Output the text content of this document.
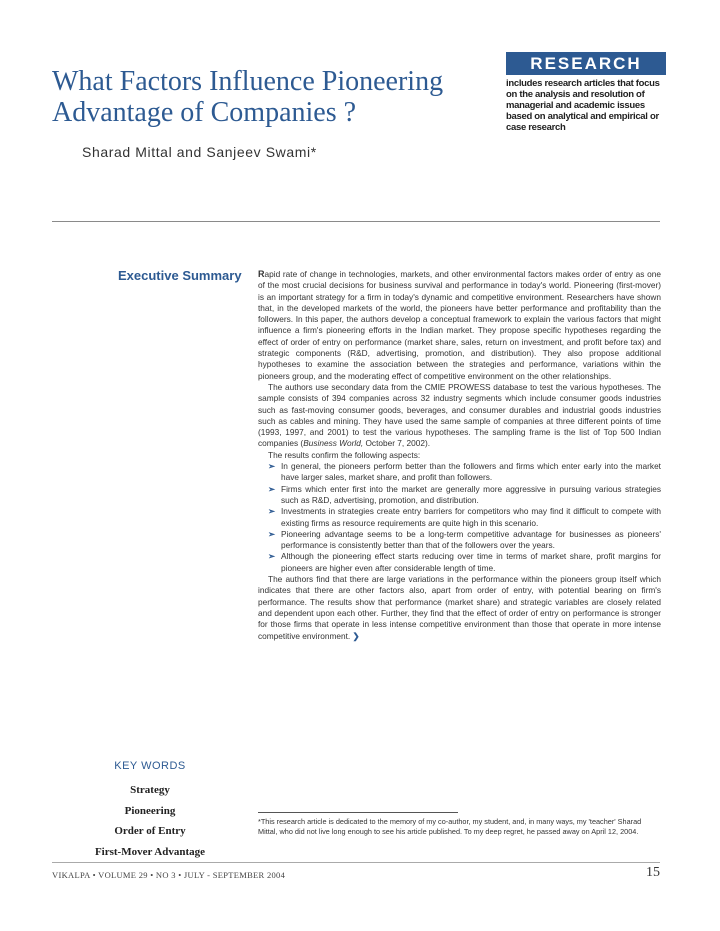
What Factors Influence Pioneering Advantage of Companies ?
Sharad Mittal and Sanjeev Swami*
RESEARCH
includes research articles that focus on the analysis and resolution of managerial and academic issues based on analytical and empirical or case research
Executive Summary Rapid rate of change in technologies, markets, and other environmental factors makes order of entry as one of the most crucial decisions for business survival and performance in today's world. Pioneering (first-mover) is an important strategy for a firm in today's dynamic and competitive environment. Researchers have shown that, in the developed markets of the world, the pioneers have better performance and profitability than the followers. In this paper, the authors develop a conceptual framework to explain the various factors that might influence a firm's pioneering efforts in the Indian market. They propose specific hypotheses regarding the effect of order of entry on performance (market share, sales, return on investment, and profit before tax) and strategic components (R&D, advertising, promotion, and distribution). They also propose additional hypotheses to examine the association between the strategies and performance, variations within the pioneers group, and the moderating effect of competitive environment on the other relationships.

The authors use secondary data from the CMIE PROWESS database to test the various hypotheses. The sample consists of 394 companies across 32 industry segments which include consumer goods industries such as fast-moving consumer goods, beverages, and consumer durables and industrial goods industries such as cables and mining. They have used the same sample of companies at three different points of time (1993, 1997, and 2001) to test the various hypotheses. The sampling frame is the list of Top 500 Indian companies (Business World, October 7, 2002).

The results confirm the following aspects:

➢ In general, the pioneers perform better than the followers and firms which enter early into the market have larger sales, market share, and profit than followers.
➢ Firms which enter first into the market are generally more aggressive in pursuing various strategies such as R&D, advertising, promotion, and distribution.
➢ Investments in strategies create entry barriers for competitors who may find it difficult to compete with existing firms as resource requirements are quite high in this scenario.
➢ Pioneering advantage seems to be a long-term competitive advantage for businesses as pioneers' performance is consistently better than that of the followers over the years.
➢ Although the pioneering effect starts reducing over time in terms of market share, profit margins for pioneers are higher even after considerable length of time.

The authors find that there are large variations in the performance within the pioneers group itself which indicates that there are other factors also, apart from order of entry, with potential bearing on firm's performance. The results show that performance (market share) and strategic variables are closely related and dependent upon each other. Further, they find that the effect of order of entry on performance is stronger for those firms that operate in less intense competitive environment than those that operate in more intense competitive environment. ❯

KEY WORDS
Strategy
Pioneering
Order of Entry
First-Mover Advantage
*This research article is dedicated to the memory of my co-author, my student, and, in many ways, my 'teacher' Sharad Mittal, who did not live long enough to see his article published. To my deep regret, he passed away on April 12, 2004.
VIKALPA • VOLUME 29 • NO 3 • JULY - SEPTEMBER 2004	15
